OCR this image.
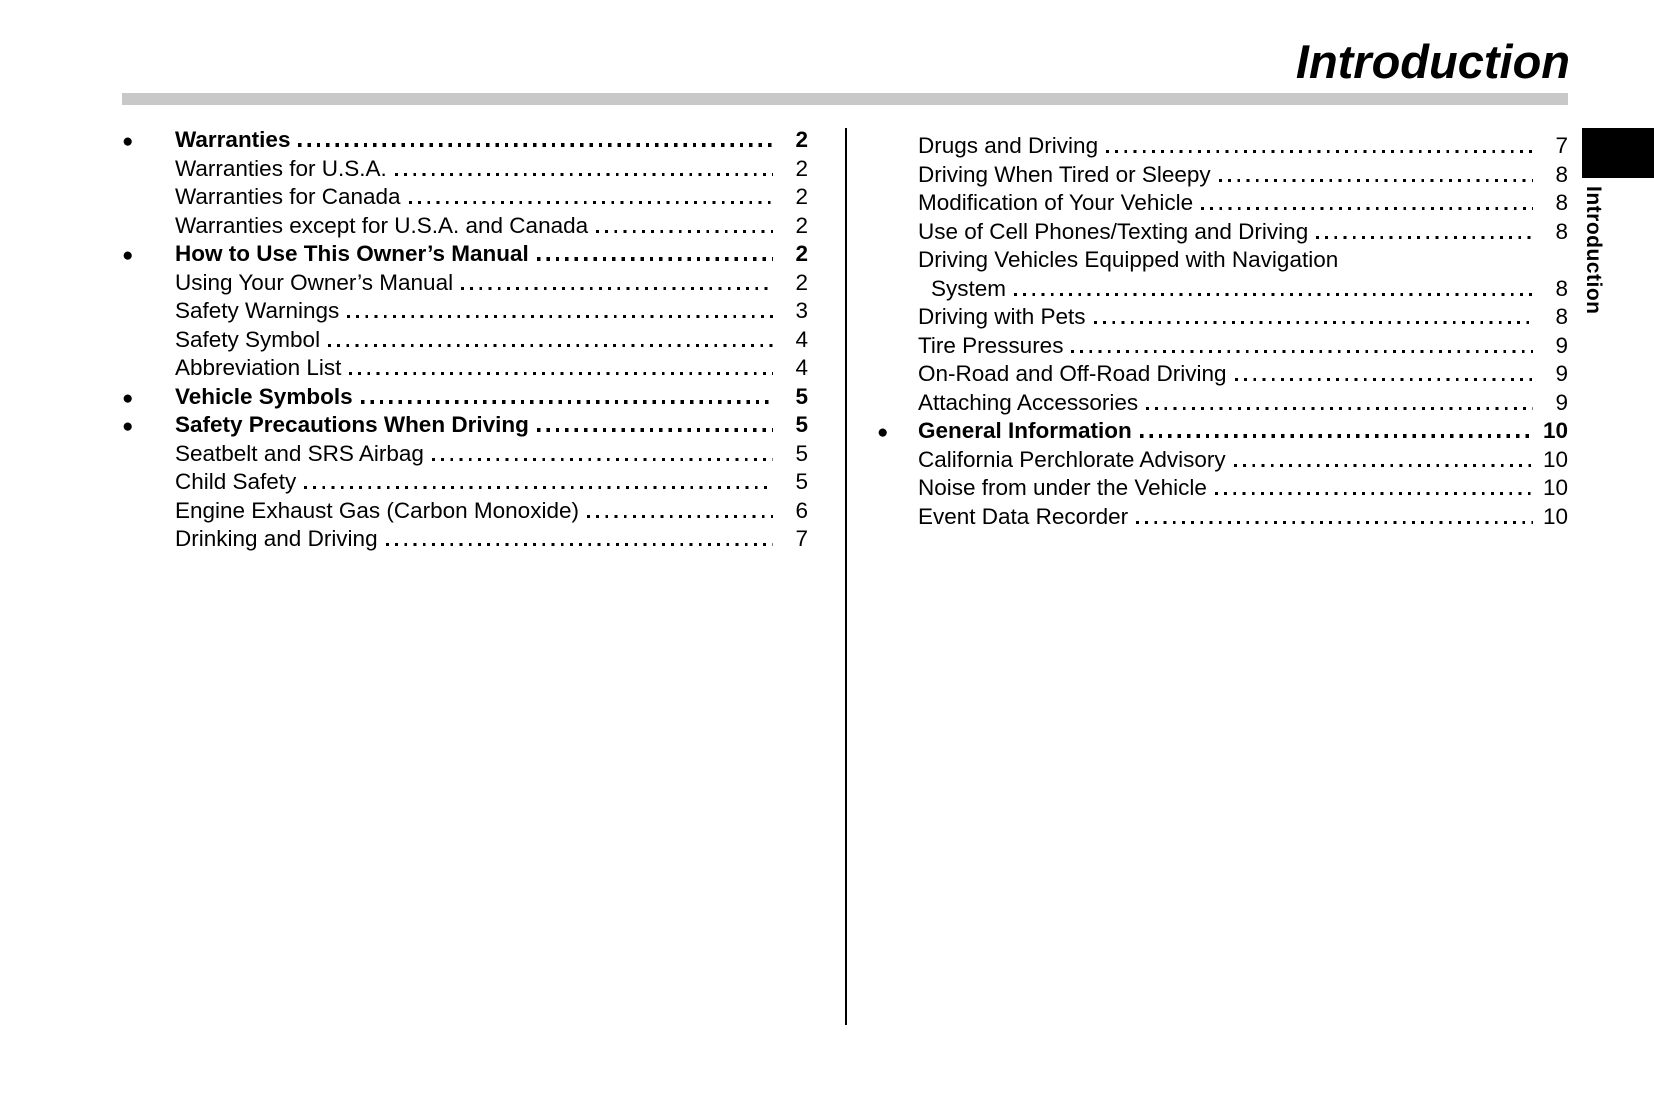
Introduction
Introduction
●	Warranties	2
Warranties for U.S.A.	2
Warranties for Canada	2
Warranties except for U.S.A. and Canada	2
●	How to Use This Owner’s Manual	2
Using Your Owner’s Manual	2
Safety Warnings	3
Safety Symbol	4
Abbreviation List	4
●	Vehicle Symbols	5
●	Safety Precautions When Driving	5
Seatbelt and SRS Airbag	5
Child Safety	5
Engine Exhaust Gas (Carbon Monoxide)	6
Drinking and Driving	7
Drugs and Driving	7
Driving When Tired or Sleepy	8
Modification of Your Vehicle	8
Use of Cell Phones/Texting and Driving	8
Driving Vehicles Equipped with Navigation
System	8
Driving with Pets	8
Tire Pressures	9
On-Road and Off-Road Driving	9
Attaching Accessories	9
●	General Information	10
California Perchlorate Advisory	10
Noise from under the Vehicle	10
Event Data Recorder	10
